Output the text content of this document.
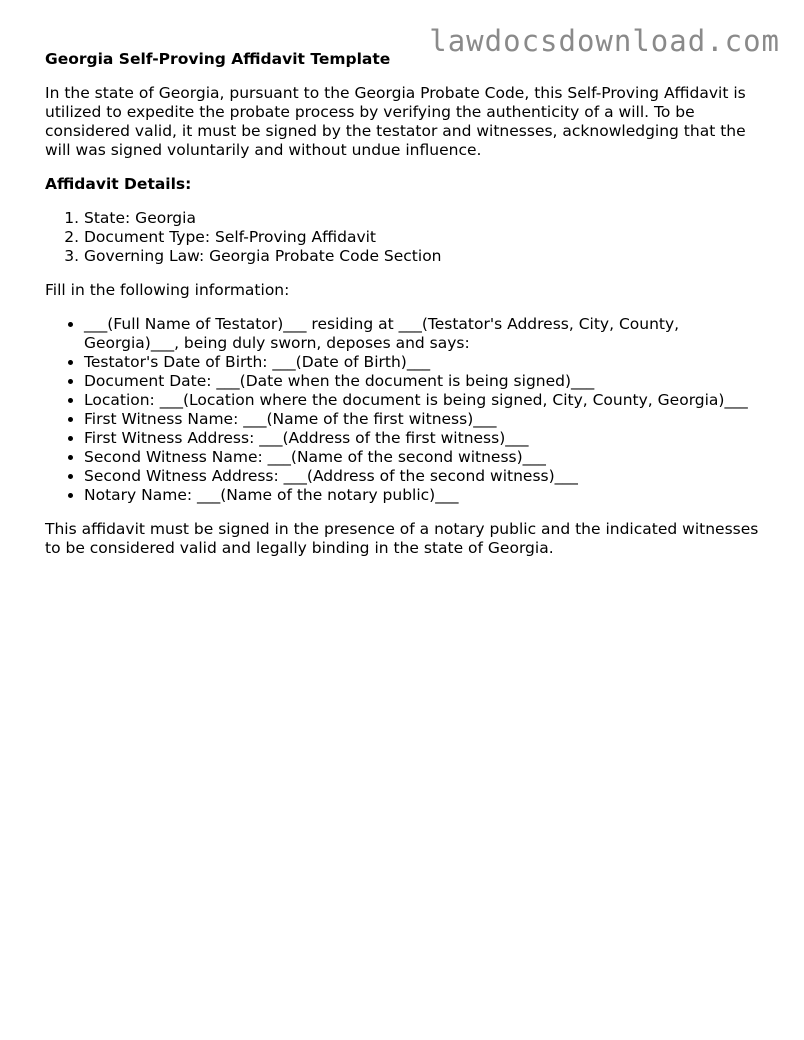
lawdocsdownload.com
Georgia Self-Proving Affidavit Template

In the state of Georgia, pursuant to the Georgia Probate Code, this Self-Proving Affidavit is utilized to expedite the probate process by verifying the authenticity of a will. To be considered valid, it must be signed by the testator and witnesses, acknowledging that the will was signed voluntarily and without undue influence.

Affidavit Details:
1. State: Georgia
2. Document Type: Self-Proving Affidavit
3. Governing Law: Georgia Probate Code Section

Fill in the following information:

• ___(Full Name of Testator)___ residing at ___(Testator's Address, City, County, Georgia)___, being duly sworn, deposes and says:
• Testator's Date of Birth: ___(Date of Birth)___
• Document Date: ___(Date when the document is being signed)___
• Location: ___(Location where the document is being signed, City, County, Georgia)___
• First Witness Name: ___(Name of the first witness)___
• First Witness Address: ___(Address of the first witness)___
• Second Witness Name: ___(Name of the second witness)___
• Second Witness Address: ___(Address of the second witness)___
• Notary Name: ___(Name of the notary public)___

This affidavit must be signed in the presence of a notary public and the indicated witnesses to be considered valid and legally binding in the state of Georgia.
